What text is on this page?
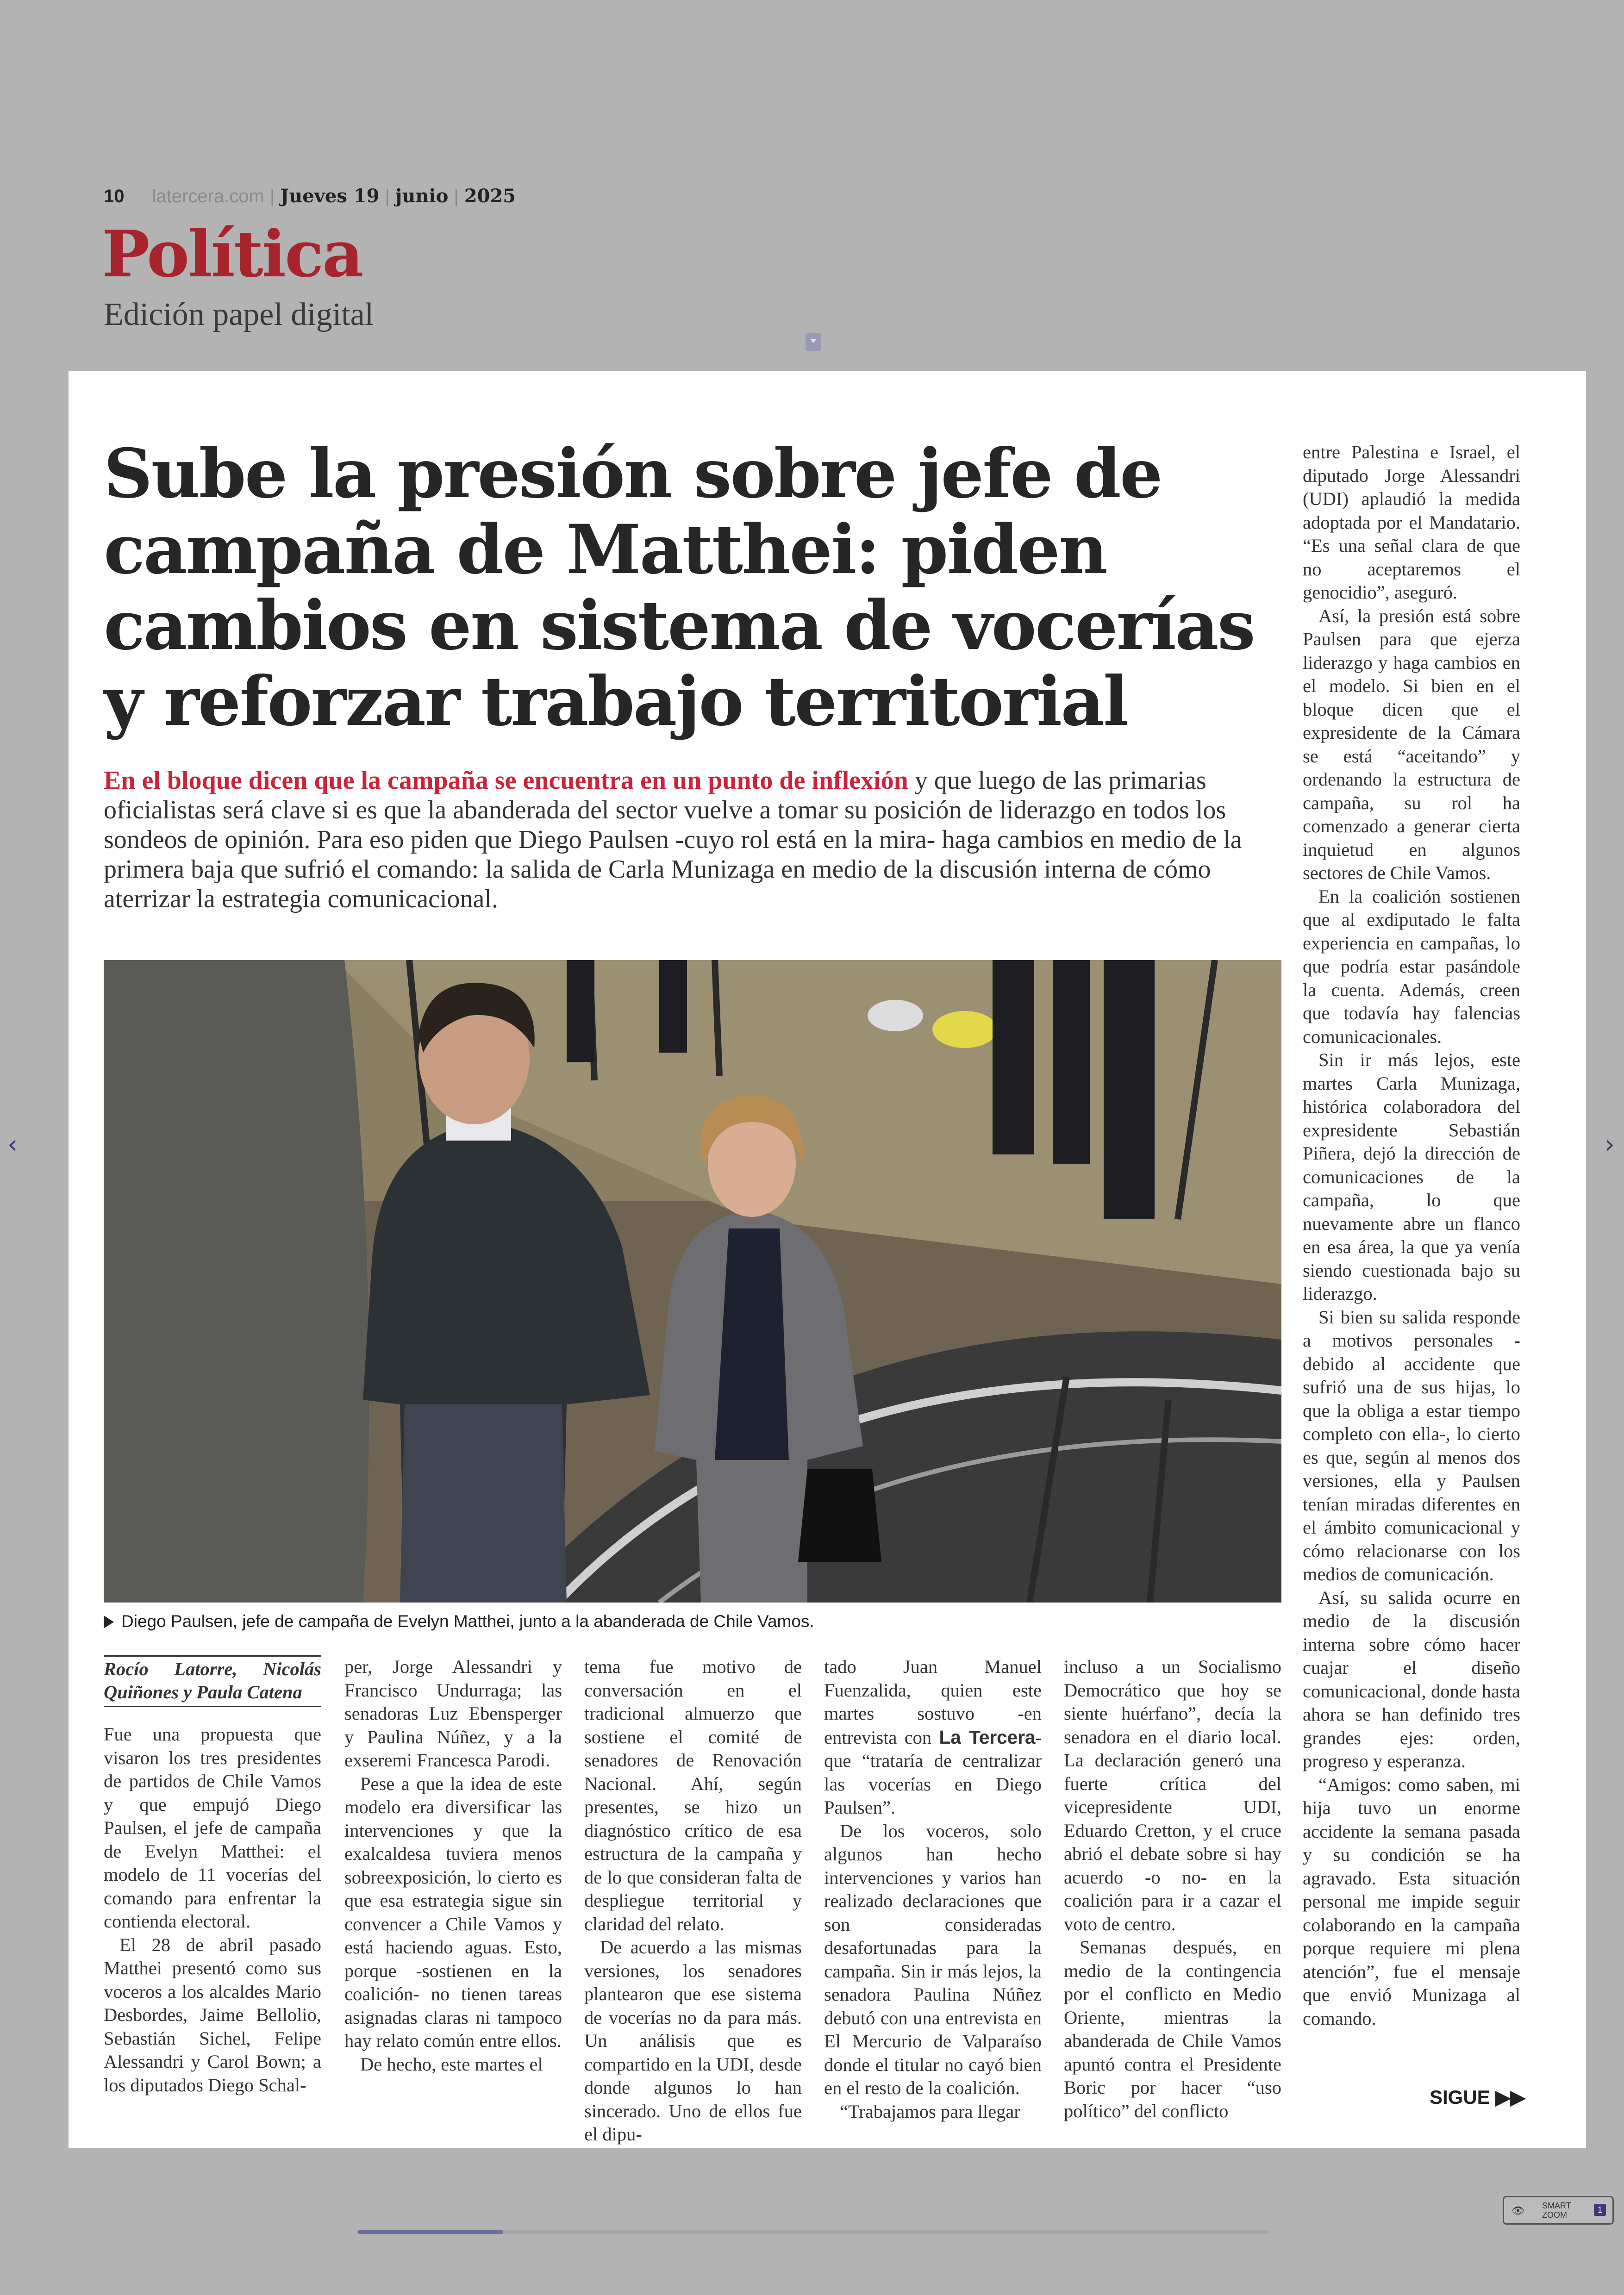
10 latercera.com | Jueves 19 | junio | 2025
Política
Edición papel digital
‹	›
Sube la presión sobre jefe de campaña de Matthei: piden cambios en sistema de vocerías y reforzar trabajo territorial

En el bloque dicen que la campaña se encuentra en un punto de inflexión y que luego de las primarias oficialistas será clave si es que la abanderada del sector vuelve a tomar su posición de liderazgo en todos los sondeos de opinión. Para eso piden que Diego Paulsen -cuyo rol está en la mira- haga cambios en medio de la primera baja que sufrió el comando: la salida de Carla Munizaga en medio de la discusión interna de cómo aterrizar la estrategia comunicacional.

Diego Paulsen, jefe de campaña de Evelyn Matthei, junto a la abanderada de Chile Vamos.
Rocío Latorre, Nicolás Quiñones y Paula Catena

Fue una propuesta que visaron los tres presidentes de partidos de Chile Vamos y que empujó Diego Paulsen, el jefe de campaña de Evelyn Matthei: el modelo de 11 vocerías del comando para enfrentar la contienda electoral.

El 28 de abril pasado Matthei presentó como sus voceros a los alcaldes Mario Desbordes, Jaime Bellolio, Sebastián Sichel, Felipe Alessandri y Carol Bown; a los diputados Diego Schal-

per, Jorge Alessandri y Francisco Undurraga; las senadoras Luz Ebensperger y Paulina Núñez, y a la exseremi Francesca Parodi.

Pese a que la idea de este modelo era diversificar las intervenciones y que la exalcaldesa tuviera menos sobreexposición, lo cierto es que esa estrategia sigue sin convencer a Chile Vamos y está haciendo aguas. Esto, porque -sostienen en la coalición- no tienen tareas asignadas claras ni tampoco hay relato común entre ellos.

De hecho, este martes el

tema fue motivo de conversación en el tradicional almuerzo que sostiene el comité de senadores de Renovación Nacional. Ahí, según presentes, se hizo un diagnóstico crítico de esa estructura de la campaña y de lo que consideran falta de despliegue territorial y claridad del relato.

De acuerdo a las mismas versiones, los senadores plantearon que ese sistema de vocerías no da para más. Un análisis que es compartido en la UDI, desde donde algunos lo han sincerado. Uno de ellos fue el dipu-

tado Juan Manuel Fuenzalida, quien este martes sostuvo -en entrevista con La Tercera- que “trataría de centralizar las vocerías en Diego Paulsen”.

De los voceros, solo algunos han hecho intervenciones y varios han realizado declaraciones que son consideradas desafortunadas para la campaña. Sin ir más lejos, la senadora Paulina Núñez debutó con una entrevista en El Mercurio de Valparaíso donde el titular no cayó bien en el resto de la coalición.

“Trabajamos para llegar

incluso a un Socialismo Democrático que hoy se siente huérfano”, decía la senadora en el diario local. La declaración generó una fuerte crítica del vicepresidente UDI, Eduardo Cretton, y el cruce abrió el debate sobre si hay acuerdo -o no- en la coalición para ir a cazar el voto de centro.

Semanas después, en medio de la contingencia por el conflicto en Medio Oriente, mientras la abanderada de Chile Vamos apuntó contra el Presidente Boric por hacer “uso político” del conflicto

entre Palestina e Israel, el diputado Jorge Alessandri (UDI) aplaudió la medida adoptada por el Mandatario. “Es una señal clara de que no aceptaremos el genocidio”, aseguró.

Así, la presión está sobre Paulsen para que ejerza liderazgo y haga cambios en el modelo. Si bien en el bloque dicen que el expresidente de la Cámara se está “aceitando” y ordenando la estructura de campaña, su rol ha comenzado a generar cierta inquietud en algunos sectores de Chile Vamos.

En la coalición sostienen que al exdiputado le falta experiencia en campañas, lo que podría estar pasándole la cuenta. Además, creen que todavía hay falencias comunicacionales.

Sin ir más lejos, este martes Carla Munizaga, histórica colaboradora del expresidente Sebastián Piñera, dejó la dirección de comunicaciones de la campaña, lo que nuevamente abre un flanco en esa área, la que ya venía siendo cuestionada bajo su liderazgo.

Si bien su salida responde a motivos personales -debido al accidente que sufrió una de sus hijas, lo que la obliga a estar tiempo completo con ella-, lo cierto es que, según al menos dos versiones, ella y Paulsen tenían miradas diferentes en el ámbito comunicacional y cómo relacionarse con los medios de comunicación.

Así, su salida ocurre en medio de la discusión interna sobre cómo hacer cuajar el diseño comunicacional, donde hasta ahora se han definido tres grandes ejes: orden, progreso y esperanza.

“Amigos: como saben, mi hija tuvo un enorme accidente la semana pasada y su condición se ha agravado. Esta situación personal me impide seguir colaborando en la campaña porque requiere mi plena atención”, fue el mensaje que envió Munizaga al comando.

SIGUE ▶▶
👁 SMART
ZOOM
1
